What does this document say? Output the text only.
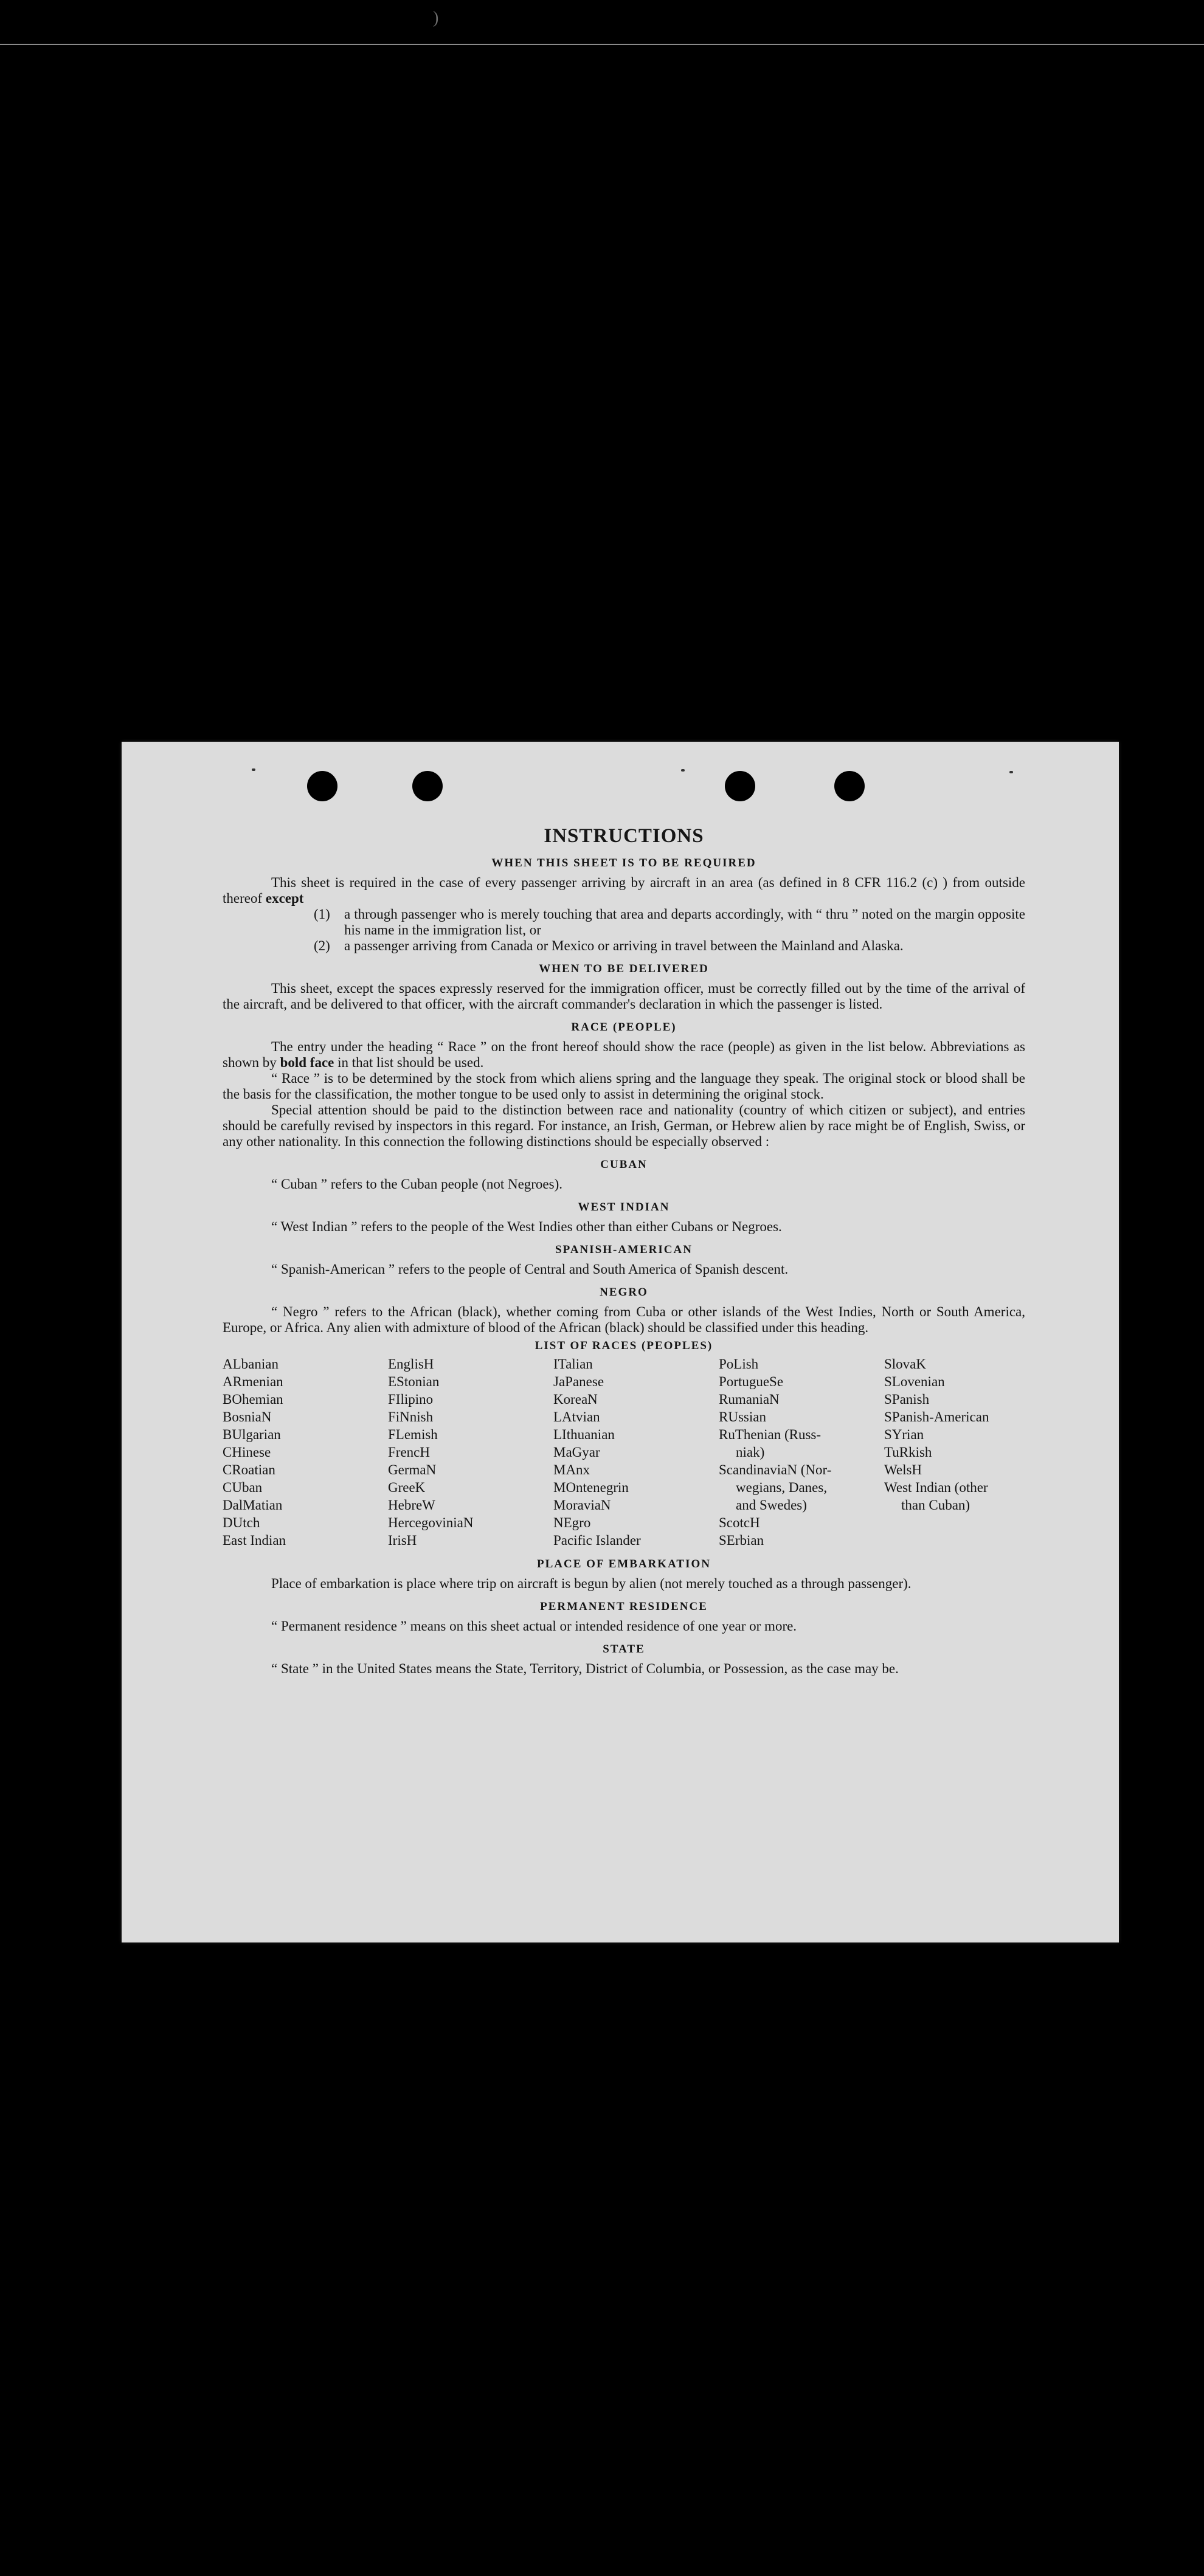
)
INSTRUCTIONS
WHEN THIS SHEET IS TO BE REQUIRED

This sheet is required in the case of every passenger arriving by aircraft in an area (as defined in 8 CFR 116.2 (c) ) from outside thereof except

(1) a through passenger who is merely touching that area and departs accordingly, with “ thru ” noted on the margin opposite his name in the immigration list, or

(2) a passenger arriving from Canada or Mexico or arriving in travel between the Mainland and Alaska.

WHEN TO BE DELIVERED

This sheet, except the spaces expressly reserved for the immigration officer, must be correctly filled out by the time of the arrival of the aircraft, and be delivered to that officer, with the aircraft commander's declaration in which the passenger is listed.

RACE (PEOPLE)

The entry under the heading “ Race ” on the front hereof should show the race (people) as given in the list below. Abbreviations as shown by bold face in that list should be used.

“ Race ” is to be determined by the stock from which aliens spring and the language they speak. The original stock or blood shall be the basis for the classification, the mother tongue to be used only to assist in determining the original stock.

Special attention should be paid to the distinction between race and nationality (country of which citizen or subject), and entries should be carefully revised by inspectors in this regard. For instance, an Irish, German, or Hebrew alien by race might be of English, Swiss, or any other nationality. In this connection the following distinctions should be especially observed :

CUBAN

“ Cuban ” refers to the Cuban people (not Negroes).

WEST INDIAN

“ West Indian ” refers to the people of the West Indies other than either Cubans or Negroes.

SPANISH-AMERICAN

“ Spanish-American ” refers to the people of Central and South America of Spanish descent.

NEGRO

“ Negro ” refers to the African (black), whether coming from Cuba or other islands of the West Indies, North or South America, Europe, or Africa. Any alien with admixture of blood of the African (black) should be classified under this heading.

LIST OF RACES (PEOPLES)
ALbanian
ARmenian
BOhemian
BosniaN
BUlgarian
CHinese
CRoatian
CUban
DalMatian
DUtch
East Indian
EnglisH
EStonian
FIlipino
FiNnish
FLemish
FrencH
GermaN
GreeK
HebreW
HercegoviniaN
IrisH
ITalian
JaPanese
KoreaN
LAtvian
LIthuanian
MaGyar
MAnx
MOntenegrin
MoraviaN
NEgro
Pacific Islander
PoLish
PortugueSe
RumaniaN
RUssian
RuThenian (Russ-
niak)
ScandinaviaN (Nor-
wegians, Danes,
and Swedes)
ScotcH
SErbian
SlovaK
SLovenian
SPanish
SPanish-American
SYrian
TuRkish
WelsH
West Indian (other
than Cuban)
PLACE OF EMBARKATION

Place of embarkation is place where trip on aircraft is begun by alien (not merely touched as a through passenger).

PERMANENT RESIDENCE

“ Permanent residence ” means on this sheet actual or intended residence of one year or more.

STATE

“ State ” in the United States means the State, Territory, District of Columbia, or Possession, as the case may be.
